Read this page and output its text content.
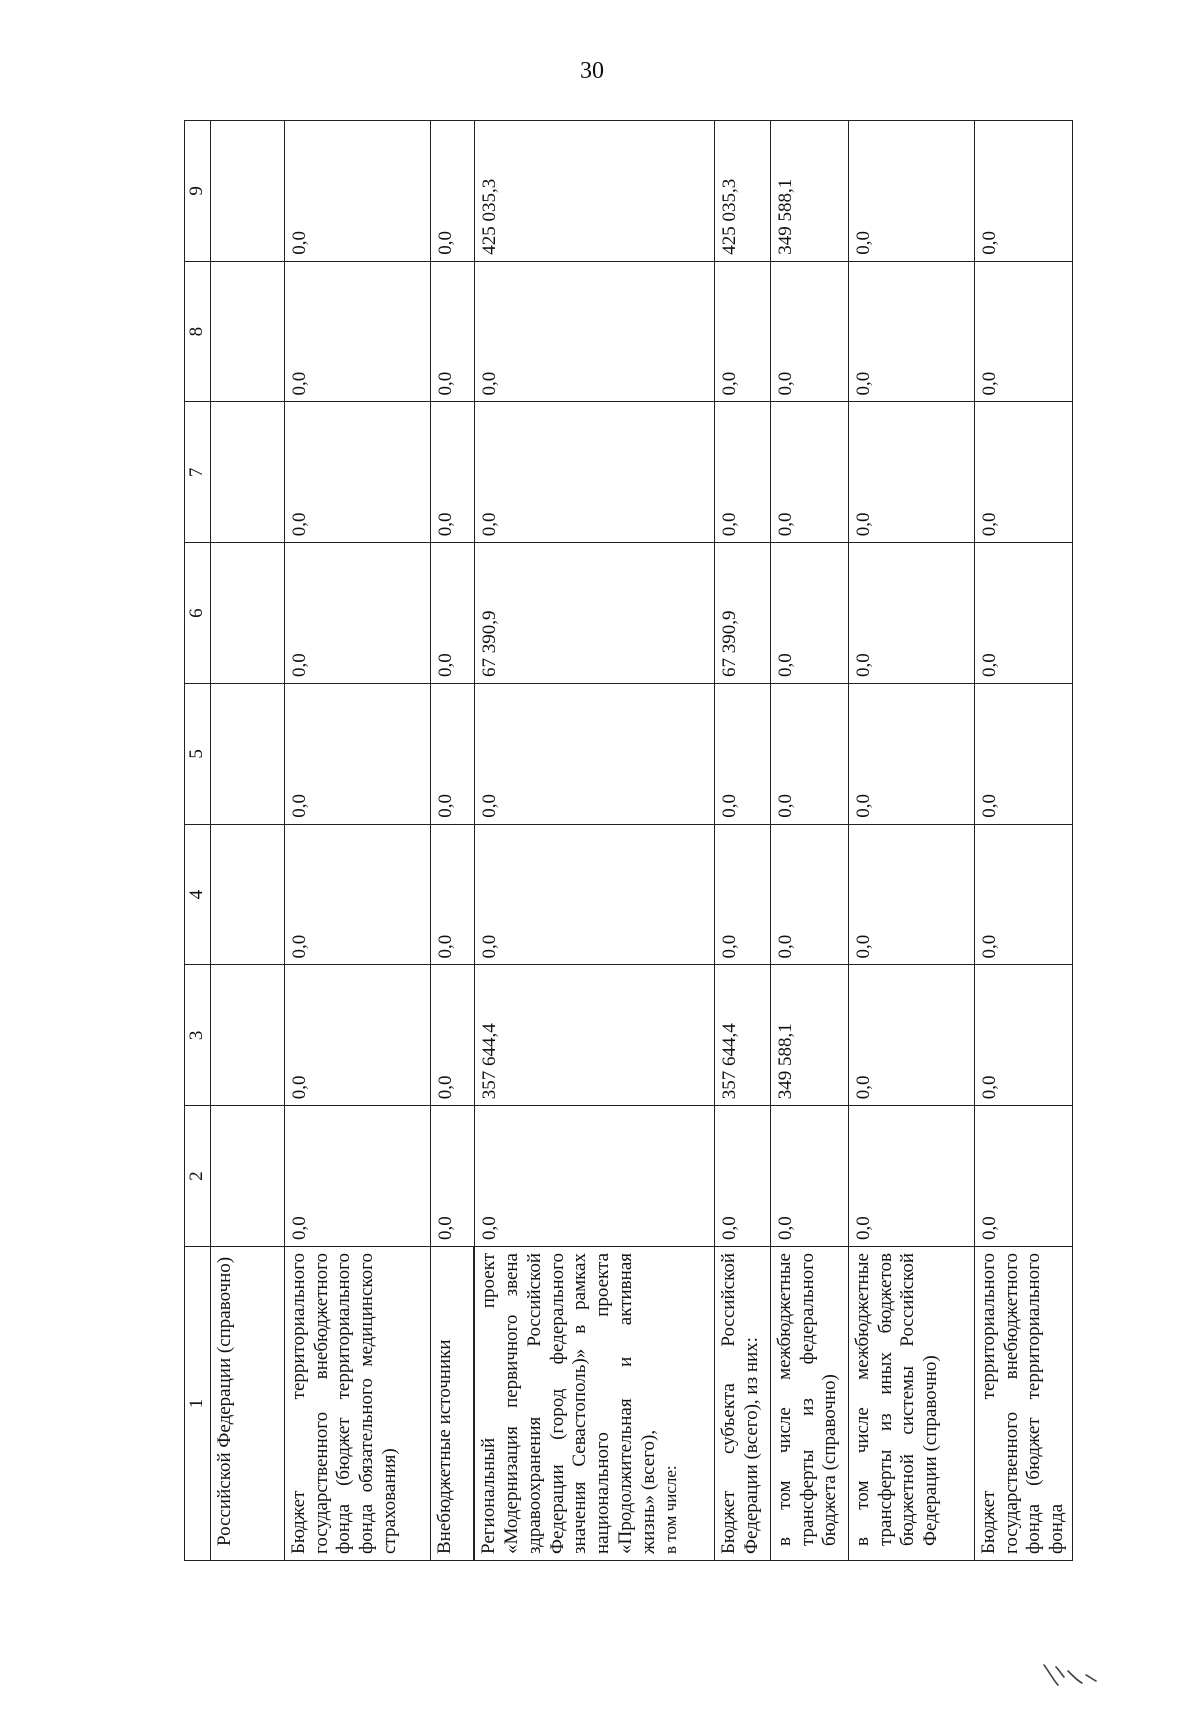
30
1	2	3	4	5	6	7	8	9
Российской Федерации (справочно)								
Бюджет территориального государственного внебюджетного фонда (бюджет территориального фонда обязательного медицинского страхования)	0,0	0,0	0,0	0,0	0,0	0,0	0,0	0,0
Внебюджетные источники	0,0	0,0	0,0	0,0	0,0	0,0	0,0	0,0

Региональный проект «Модернизация первичного звена здравоохранения Российской Федерации (город федерального значения Севастополь)» в рамках национального проекта «Продолжительная и активная жизнь» (всего), в том числе:	0,0	357 644,4	0,0	0,0	67 390,9	0,0	0,0	425 035,3
Бюджет субъекта Российской Федерации (всего), из них:	0,0	357 644,4	0,0	0,0	67 390,9	0,0	0,0	425 035,3
в том числе межбюджетные трансферты из федерального бюджета (справочно)	0,0	349 588,1	0,0	0,0	0,0	0,0	0,0	349 588,1
в том числе межбюджетные трансферты из иных бюджетов бюджетной системы Российской Федерации (справочно)	0,0	0,0	0,0	0,0	0,0	0,0	0,0	0,0
Бюджет территориального государственного внебюджетного фонда (бюджет территориального фонда	0,0	0,0	0,0	0,0	0,0	0,0	0,0	0,0
